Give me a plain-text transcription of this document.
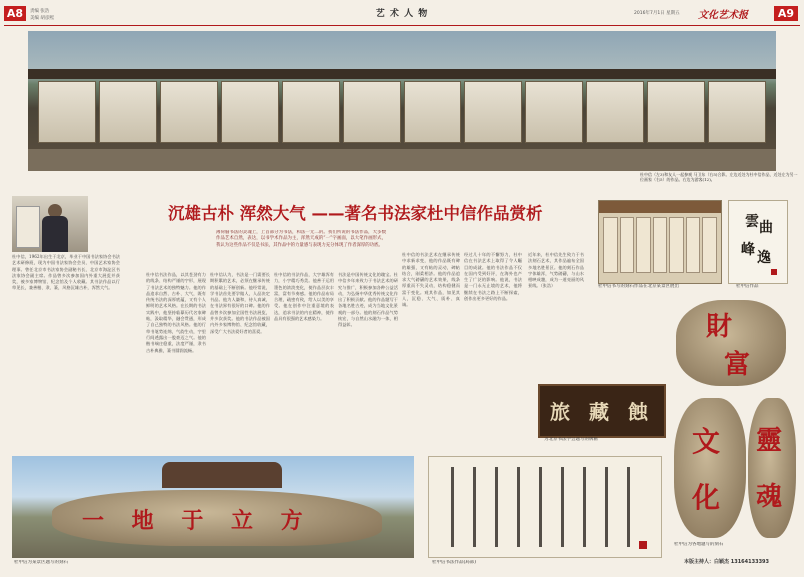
A8	责编 张浩
美编 胡彦熙	艺 术 人 物	2016年7月1日 星期五 文化艺术报	A9
杜中信（左3)和友人一起参观 马卫东（右5)合影。左边近处为杜中信作品，近处左为另一位画家（右5）的作品。右边为游客(12)。
沉雄古朴 浑然大气 ——著名书法家杜中信作品赏析
杜中信，1962年出生于北京，毕业于中国书法家协会书法艺术研修班，现为中国书法家协会会员、中国艺术家协会理事。曾任北京市书法家协会副秘书长、北京市海淀区书法家协会副主席。作品曾多次参加国内外重大展览并获奖，被多家博物馆、纪念馆及个人收藏。其书法作品以行草见长，兼善楷、隶、篆，风格沉雄古朴，浑然大气。
薄荷脑书法的灵魂上，上首部分为书法，和法一无二的。我们所说的书法作品，大多数作品艺术自然，表达，以书学术作品为主，浑然天成的“一”字画面，以大笔作画形式，我认为这些作品不仅是书法，其作品中的力量感与表现力充分体现了作者深厚的功底。
杜中信书法作品，以其苍劲有力的线条、结构严谨的字形，展现了书法艺术的独特魅力。他的作品追求自然、古朴、大气，既有传统书法的深厚底蕴，又有个人鲜明的艺术风格。在长期的书法实践中，他坚持临摹历代名家碑帖，汲取精华，融会贯通，形成了自己独特的书法风格。他的行草书笔势连绵，气韵生动，字里行间透露出一股豪迈之气。他的楷书端庄稳重，法度严谨，隶书古朴典雅，篆书圆润流畅。
杜中信认为，书法是一门需要长期积累的艺术，必须在继承传统的基础上不断创新。他经常说，学书法首先要学做人，人品决定书品。他为人谦和，待人真诚，在书法界有很好的口碑。他的作品曾多次参加全国性书法展览，并多次获奖。他的书法作品被国内外多家博物馆、纪念馆收藏，深受广大书法爱好者的喜爱。
杜中信的书法作品，大字雄浑有力，小字精巧秀美。他善于运用墨色的浓淡变化，使作品层次丰富，富有节奏感。他的作品布局合理，疏密有致，给人以美的享受。他在创作中注重意境的表达，追求书法的内在精神，使作品具有很强的艺术感染力。
书法是中国传统文化的瑰宝。杜中信多年来致力于书法艺术的研究与推广，积极参加各种公益活动，为弘扬中华优秀传统文化作出了积极贡献。他的作品题写于各地名胜古迹，成为当地文化景观的一部分。他的刻石作品气势恢宏，与自然山水融为一体，相得益彰。
杜中信的书法艺术在继承传统中求新求变，他的作品既有碑的雄强，又有帖的灵动，碑帖结合，刚柔相济。他的作品追求大气磅礴的艺术效果，线条厚重而不失灵动，结构稳健而富于变化。观其作品，如见其人，沉稳、大气、质朴、真诚。
经过几十年的不懈努力，杜中信在书法艺术上取得了令人瞩目的成就。他的书法作品不仅在国内受到好评，在海外也产生了广泛的影响。他说，书法是一门永无止境的艺术，他将继续在书法之路上不断探索，创作出更多更好的作品。
近年来，杜中信先生致力于书法刻石艺术，其作品遍布全国多地名胜景区。他的刻石作品字体雄浑，气势磅礴，与山水相映成趣，成为一道亮丽的风景线。（张浩）	杜中信书写的刻石作品在北京某景区展出
雲 曲
峰 逸
杜中信作品
旅 藏 蝕
为北京书法学会题写的牌匾
杜中信书法作品(局部)
一 地 于 立 方
杜中信为某景区题写的刻石
財
富
文
化
靈
魂
杜中信为各地题写的刻石
本版主持人：白颖杰 13164133393
